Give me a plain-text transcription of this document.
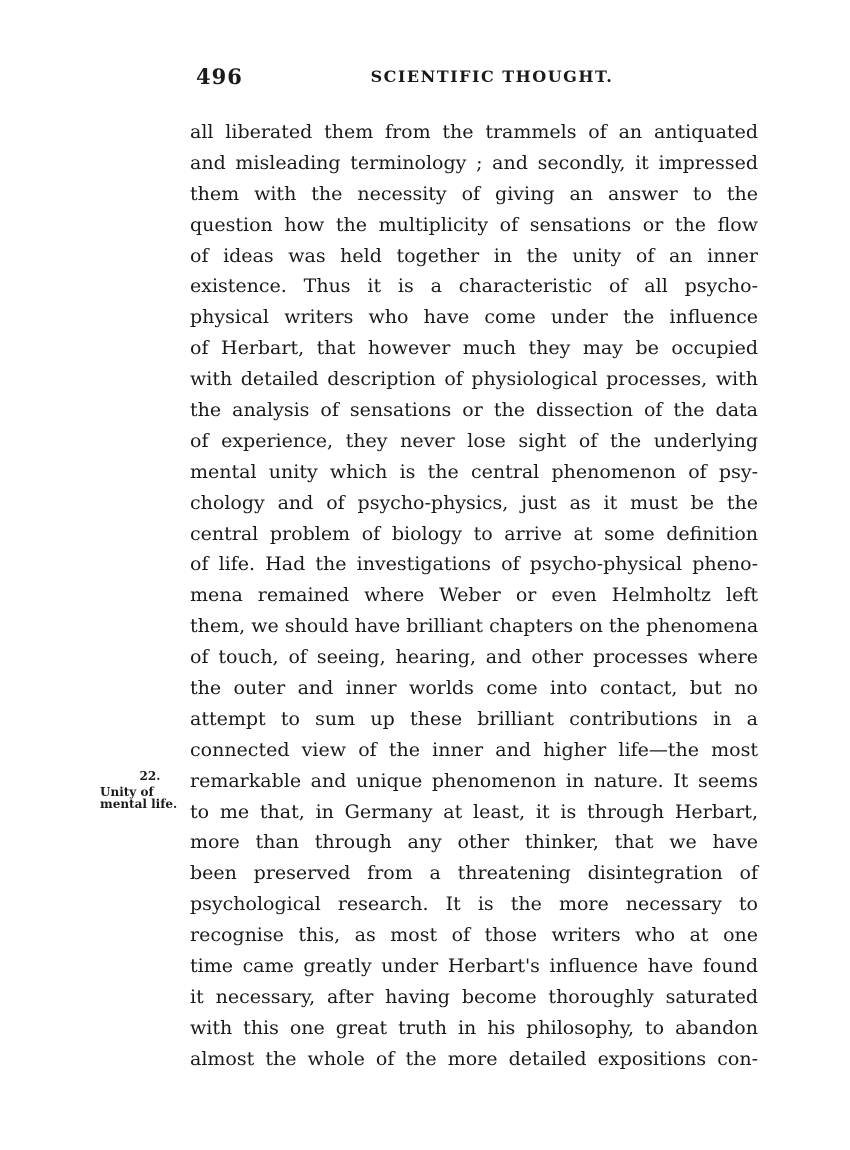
496	SCIENTIFIC THOUGHT.
22.
Unity of
mental life.
all liberated them from the trammels of an antiquated
and misleading terminology ; and secondly, it impressed
them with the necessity of giving an answer to the
question how the multiplicity of sensations or the flow
of ideas was held together in the unity of an inner
existence. Thus it is a characteristic of all psycho-
physical writers who have come under the influence
of Herbart, that however much they may be occupied
with detailed description of physiological processes, with
the analysis of sensations or the dissection of the data
of experience, they never lose sight of the underlying
mental unity which is the central phenomenon of psy-
chology and of psycho-physics, just as it must be the
central problem of biology to arrive at some definition
of life. Had the investigations of psycho-physical pheno-
mena remained where Weber or even Helmholtz left
them, we should have brilliant chapters on the phenomena
of touch, of seeing, hearing, and other processes where
the outer and inner worlds come into contact, but no
attempt to sum up these brilliant contributions in a
connected view of the inner and higher life—the most
remarkable and unique phenomenon in nature. It seems
to me that, in Germany at least, it is through Herbart,
more than through any other thinker, that we have
been preserved from a threatening disintegration of
psychological research. It is the more necessary to
recognise this, as most of those writers who at one
time came greatly under Herbart's influence have found
it necessary, after having become thoroughly saturated
with this one great truth in his philosophy, to abandon
almost the whole of the more detailed expositions con-
